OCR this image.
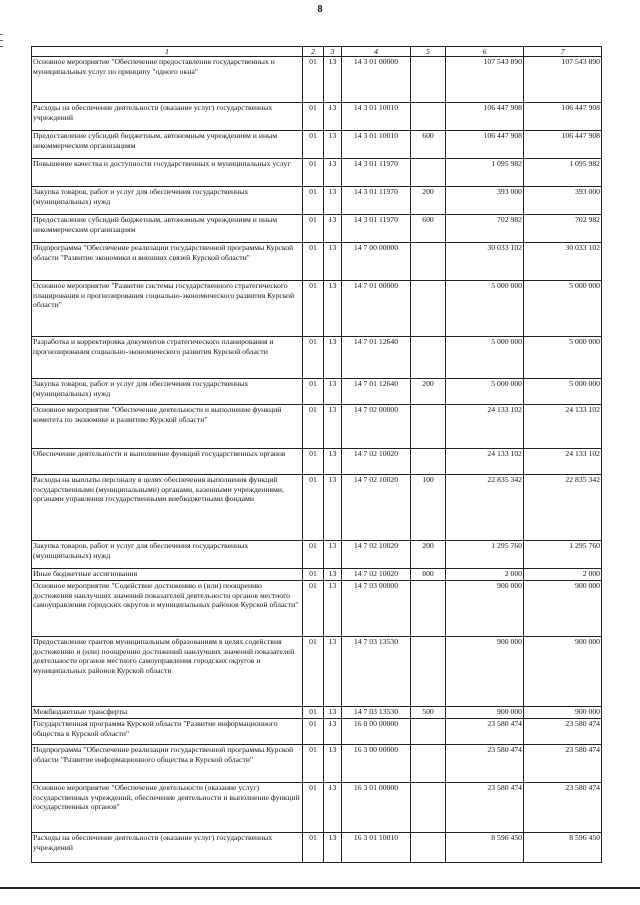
8
1	2	3	4	5	6	7
Основное мероприятие "Обеспечение предоставления государственных и муниципальных услуг по принципу "одного окна"	01	13	14 3 01 00000		107 543 890	107 543 890
Расходы на обеспечение деятельности (оказание услуг) государственных учреждений	01	13	14 3 01 10010		106 447 908	106 447 908
Предоставление субсидий бюджетным, автономным учреждениям и иным некоммерческим организациям	01	13	14 3 01 10010	600	106 447 908	106 447 908
Повышение качества и доступности государственных и муниципальных услуг	01	13	14 3 01 11970		1 095 982	1 095 982
Закупка товаров, работ и услуг для обеспечения государственных (муниципальных) нужд	01	13	14 3 01 11970	200	393 000	393 000
Предоставление субсидий бюджетным, автономным учреждениям и иным некоммерческим организациям	01	13	14 3 01 11970	600	702 982	702 982
Подпрограмма "Обеспечение реализации государственной программы Курской области "Развитие экономики и внешних связей Курской области"	01	13	14 7 00 00000		30 033 102	30 033 102
Основное мероприятие "Развитие системы государственного стратегического планирования и прогнозирования социально-экономического развития Курской области"	01	13	14 7 01 00000		5 000 000	5 000 000
Разработка и корректировка документов стратегического планирования и прогнозирования социально-экономического развития Курской области	01	13	14 7 01 12640		5 000 000	5 000 000
Закупка товаров, работ и услуг для обеспечения государственных (муниципальных) нужд	01	13	14 7 01 12640	200	5 000 000	5 000 000
Основное мероприятие "Обеспечение деятельности и выполнение функций комитета по экономике и развитию Курской области"	01	13	14 7 02 00000		24 133 102	24 133 102
Обеспечение деятельности и выполнение функций государственных органов	01	13	14 7 02 10020		24 133 102	24 133 102
Расходы на выплаты персоналу в целях обеспечения выполнения функций государственными (муниципальными) органами, казенными учреждениями, органами управления государственными внебюджетными фондами	01	13	14 7 02 10020	100	22 835 342	22 835 342
Закупка товаров, работ и услуг для обеспечения государственных (муниципальных) нужд	01	13	14 7 02 10020	200	1 295 760	1 295 760
Иные бюджетные ассигнования	01	13	14 7 02 10020	800	2 000	2 000
Основное мероприятие "Содействие достижению и (или) поощрению достижения наилучших значений показателей деятельности органов местного самоуправления городских округов и муниципальных районов Курской области"	01	13	14 7 03 00000		900 000	900 000
Предоставление грантов муниципальным образованиям в целях содействия достижению и (или) поощрению достижений наилучших значений показателей деятельности органов местного самоуправления городских округов и муниципальных районов Курской области	01	13	14 7 03 13530		900 000	900 000
Межбюджетные трансферты	01	13	14 7 03 13530	500	900 000	900 000
Государственная программа Курской области "Развитие информационного общества в Курской области"	01	13	16 0 00 00000		23 580 474	23 580 474
Подпрограмма "Обеспечение реализации государственной программы Курской области "Развитие информационного общества в Курской области"	01	13	16 3 00 00000		23 580 474	23 580 474
Основное мероприятие "Обеспечение деятельности (оказание услуг) государственных учреждений, обеспечение деятельности и выполнение функций государственных органов"	01	13	16 3 01 00000		23 580 474	23 580 474
Расходы на обеспечение деятельности (оказание услуг) государственных учреждений	01	13	16 3 01 10010		8 596 450	8 596 450
